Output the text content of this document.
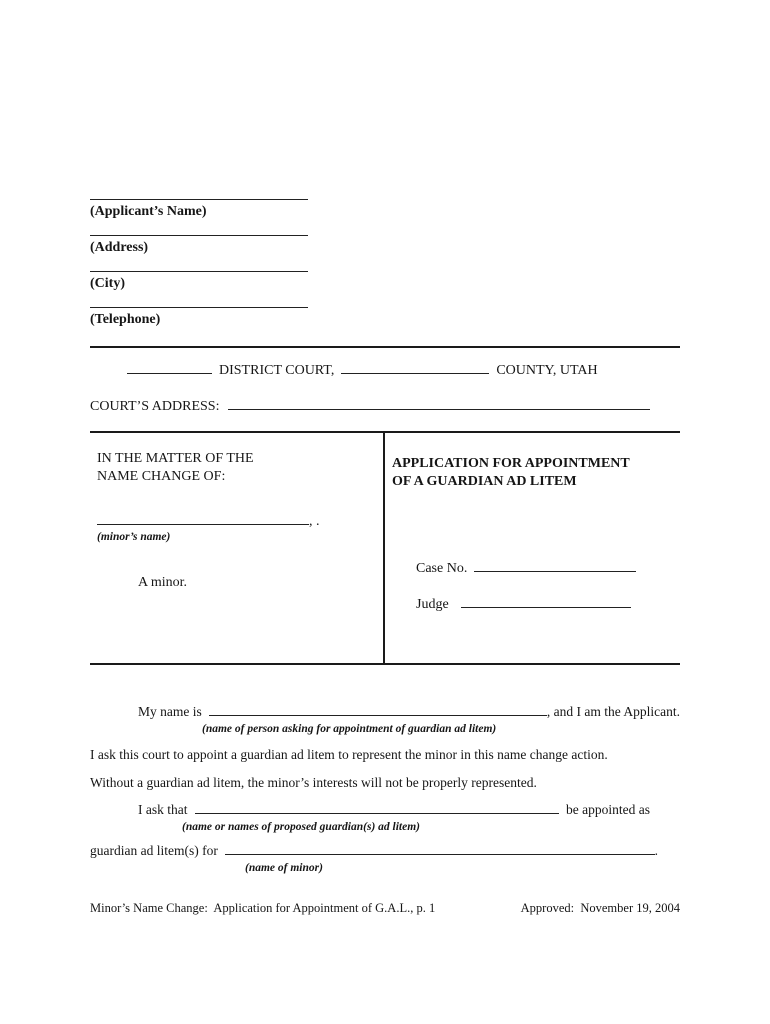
(Applicant’s Name)
(Address)
(City)
(Telephone)
DISTRICT COURT,	COUNTY, UTAH
COURT’S ADDRESS:
IN THE MATTER OF THE
NAME CHANGE OF:
, .
(minor’s name)
A minor.
APPLICATION FOR APPOINTMENT
OF A GUARDIAN AD LITEM
Case No.
Judge
My name is	, and I am the Applicant.
(name of person asking for appointment of guardian ad litem)
I ask this court to appoint a guardian ad litem to represent the minor in this name change action.
Without a guardian ad litem, the minor’s interests will not be properly represented.
I ask that	be appointed as
(name or names of proposed guardian(s) ad litem)
guardian ad litem(s) for	.
(name of minor)
Minor’s Name Change:  Application for Appointment of G.A.L., p. 1	Approved:  November 19, 2004
